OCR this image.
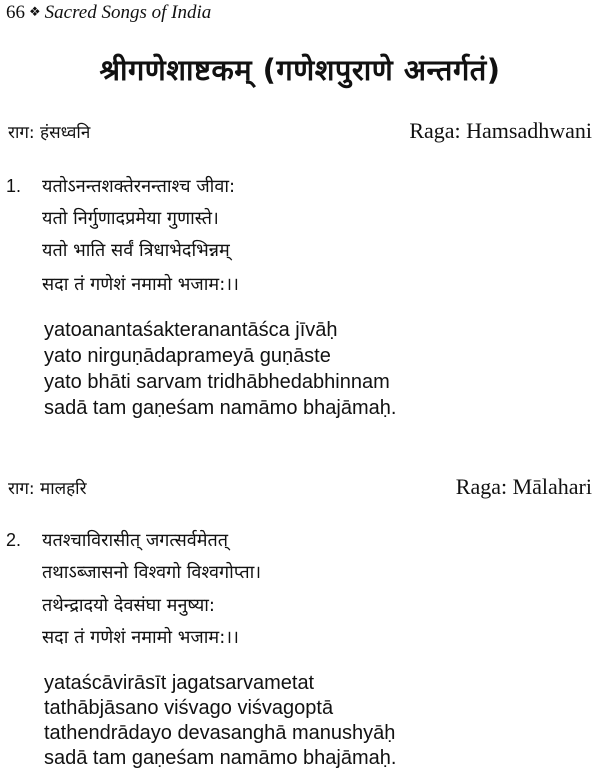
66 ❖ Sacred Songs of India
श्रीगणेशाष्टकम् (गणेशपुराणे अन्तर्गतं)
राग: हंसध्वनि	Raga: Hamsadhwani
1. यतोऽनन्तशक्तेरनन्ताश्च जीवा:
यतो निर्गुणादप्रमेया गुणास्ते।
यतो भाति सर्वं त्रिधाभेदभिन्नम्
सदा तं गणेशं नमामो भजाम:।।
yatoanantaśakteranantāśca jīvāḥ
yato nirguṇādaprameyā guṇāste
yato bhāti sarvam tridhābhedabhinnam
sadā tam gaṇeśam namāmo bhajāmaḥ.
राग: मालहरि	Raga: Mālahari
2. यतश्चाविरासीत् जगत्सर्वमेतत्
तथाऽब्जासनो विश्वगो विश्वगोप्ता।
तथेन्द्रादयो देवसंघा मनुष्या:
सदा तं गणेशं नमामो भजाम:।।
yataścāvirāsīt jagatsarvametat
tathābjāsano viśvago viśvagoptā
tathendrādayo devasanghā manushyāḥ
sadā tam gaṇeśam namāmo bhajāmaḥ.
